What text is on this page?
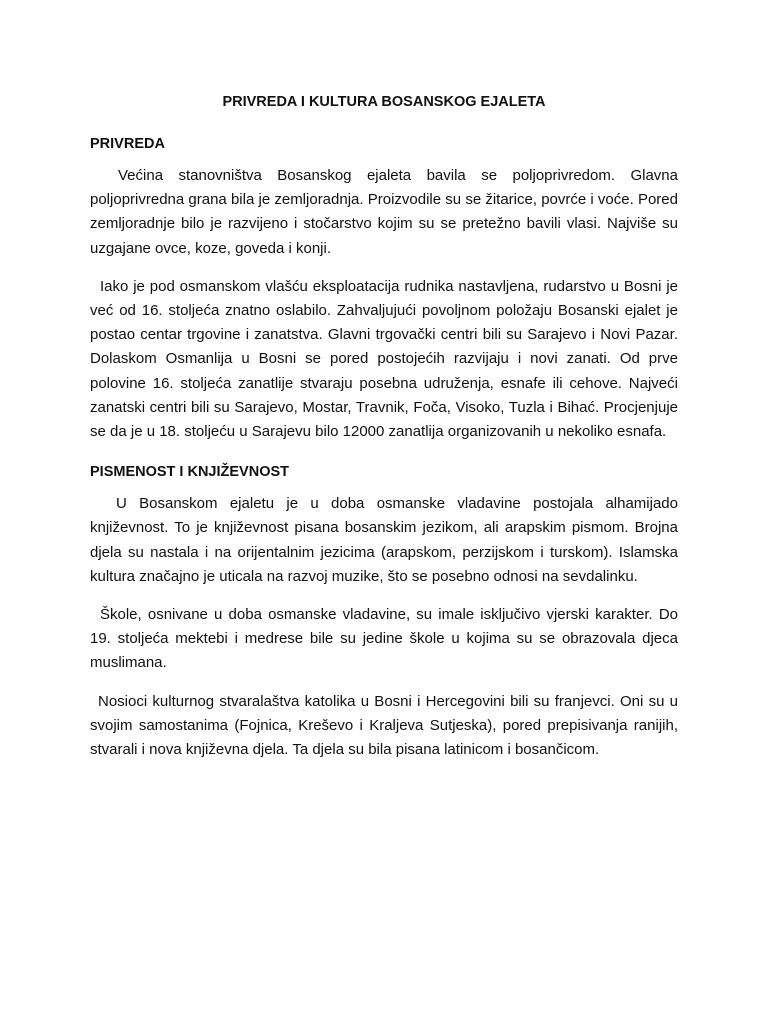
PRIVREDA I KULTURA BOSANSKOG EJALETA
PRIVREDA

Većina stanovništva Bosanskog ejaleta bavila se poljoprivredom. Glavna poljoprivredna grana bila je zemljoradnja. Proizvodile su se žitarice, povrće i voće. Pored zemljoradnje bilo je razvijeno i stočarstvo kojim su se pretežno bavili vlasi. Najviše su uzgajane ovce, koze, goveda i konji.

Iako je pod osmanskom vlašću eksploatacija rudnika nastavljena, rudarstvo u Bosni je već od 16. stoljeća znatno oslabilo. Zahvaljujući povoljnom položaju Bosanski ejalet je postao centar trgovine i zanatstva. Glavni trgovački centri bili su Sarajevo i Novi Pazar. Dolaskom Osmanlija u Bosni se pored postojećih razvijaju i novi zanati. Od prve polovine 16. stoljeća zanatlije stvaraju posebna udruženja, esnafe ili cehove. Najveći zanatski centri bili su Sarajevo, Mostar, Travnik, Foča, Visoko, Tuzla i Bihać. Procjenjuje se da je u 18. stoljeću u Sarajevu bilo 12000 zanatlija organizovanih u nekoliko esnafa.

PISMENOST I KNJIŽEVNOST

U Bosanskom ejaletu je u doba osmanske vladavine postojala alhamijado književnost. To je književnost pisana bosanskim jezikom, ali arapskim pismom. Brojna djela su nastala i na orijentalnim jezicima (arapskom, perzijskom i turskom). Islamska kultura značajno je uticala na razvoj muzike, što se posebno odnosi na sevdalinku.

Škole, osnivane u doba osmanske vladavine, su imale isključivo vjerski karakter. Do 19. stoljeća mektebi i medrese bile su jedine škole u kojima su se obrazovala djeca muslimana.

Nosioci kulturnog stvaralaštva katolika u Bosni i Hercegovini bili su franjevci. Oni su u svojim samostanima (Fojnica, Kreševo i Kraljeva Sutjeska), pored prepisivanja ranijih, stvarali i nova književna djela. Ta djela su bila pisana latinicom i bosančicom.
